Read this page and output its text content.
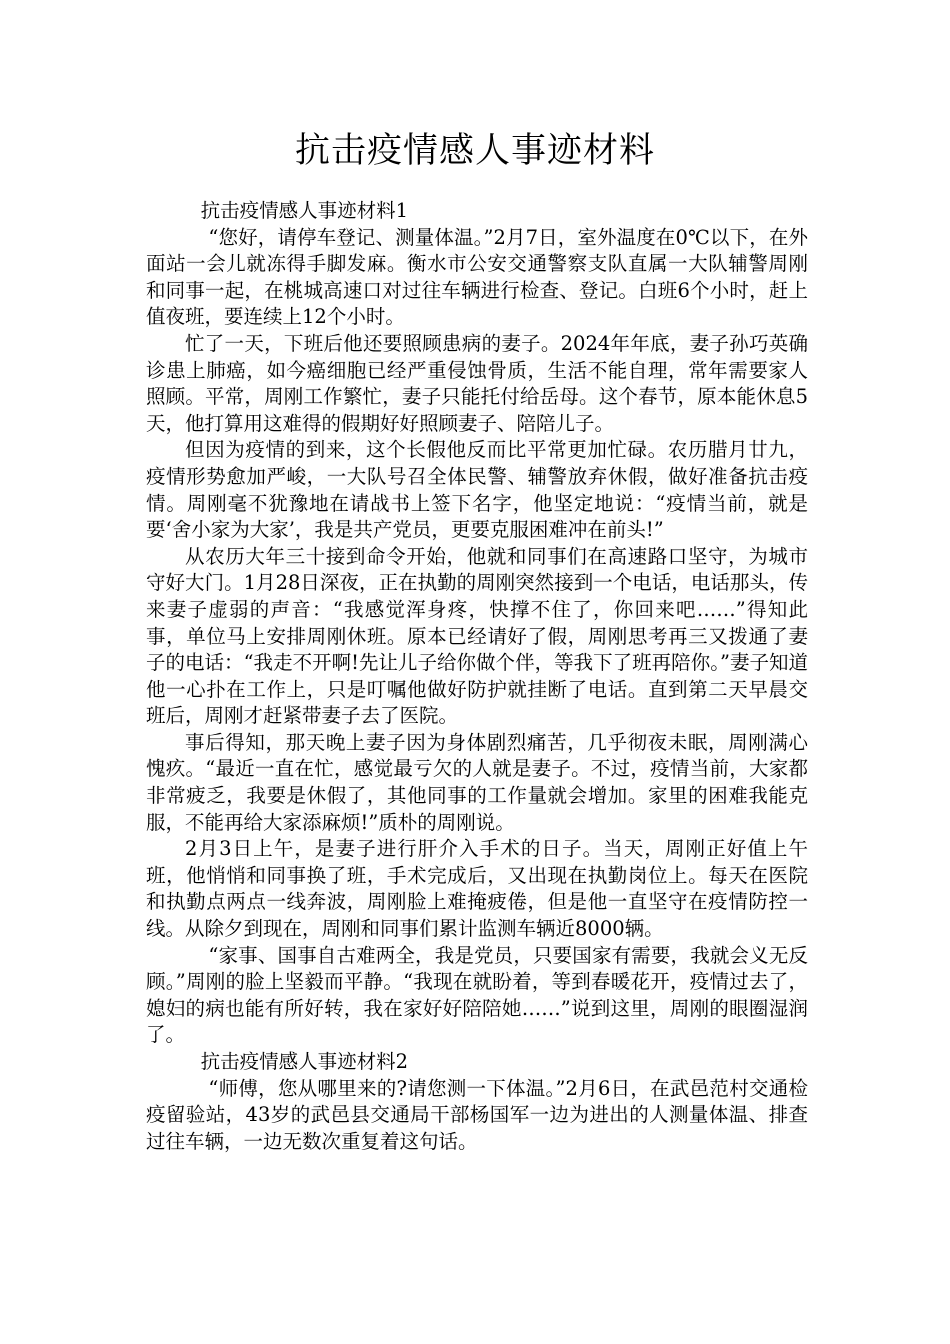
抗击疫情感人事迹材料

抗击疫情感人事迹材料1

“您好，请停车登记、测量体温。”2月7日，室外温度在0℃以下，在外面站一会儿就冻得手脚发麻。衡水市公安交通警察支队直属一大队辅警周刚和同事一起，在桃城高速口对过往车辆进行检查、登记。白班6个小时，赶上值夜班，要连续上12个小时。

忙了一天，下班后他还要照顾患病的妻子。2024年年底，妻子孙巧英确诊患上肺癌，如今癌细胞已经严重侵蚀骨质，生活不能自理，常年需要家人照顾。平常，周刚工作繁忙，妻子只能托付给岳母。这个春节，原本能休息5天，他打算用这难得的假期好好照顾妻子、陪陪儿子。

但因为疫情的到来，这个长假他反而比平常更加忙碌。农历腊月廿九，疫情形势愈加严峻，一大队号召全体民警、辅警放弃休假，做好准备抗击疫情。周刚毫不犹豫地在请战书上签下名字，他坚定地说：“疫情当前，就是要‘舍小家为大家’，我是共产党员，更要克服困难冲在前头!”

从农历大年三十接到命令开始，他就和同事们在高速路口坚守，为城市守好大门。1月28日深夜，正在执勤的周刚突然接到一个电话，电话那头，传来妻子虚弱的声音：“我感觉浑身疼，快撑不住了，你回来吧……”得知此事，单位马上安排周刚休班。原本已经请好了假，周刚思考再三又拨通了妻子的电话：“我走不开啊!先让儿子给你做个伴，等我下了班再陪你。”妻子知道他一心扑在工作上，只是叮嘱他做好防护就挂断了电话。直到第二天早晨交班后，周刚才赶紧带妻子去了医院。

事后得知，那天晚上妻子因为身体剧烈痛苦，几乎彻夜未眠，周刚满心愧疚。“最近一直在忙，感觉最亏欠的人就是妻子。不过，疫情当前，大家都非常疲乏，我要是休假了，其他同事的工作量就会增加。家里的困难我能克服，不能再给大家添麻烦!”质朴的周刚说。

2月3日上午，是妻子进行肝介入手术的日子。当天，周刚正好值上午班，他悄悄和同事换了班，手术完成后，又出现在执勤岗位上。每天在医院和执勤点两点一线奔波，周刚脸上难掩疲倦，但是他一直坚守在疫情防控一线。从除夕到现在，周刚和同事们累计监测车辆近8000辆。

“家事、国事自古难两全，我是党员，只要国家有需要，我就会义无反顾。”周刚的脸上坚毅而平静。“我现在就盼着，等到春暖花开，疫情过去了，媳妇的病也能有所好转，我在家好好陪陪她……”说到这里，周刚的眼圈湿润了。

抗击疫情感人事迹材料2

“师傅，您从哪里来的?请您测一下体温。”2月6日，在武邑范村交通检疫留验站，43岁的武邑县交通局干部杨国军一边为进出的人测量体温、排查过往车辆，一边无数次重复着这句话。
